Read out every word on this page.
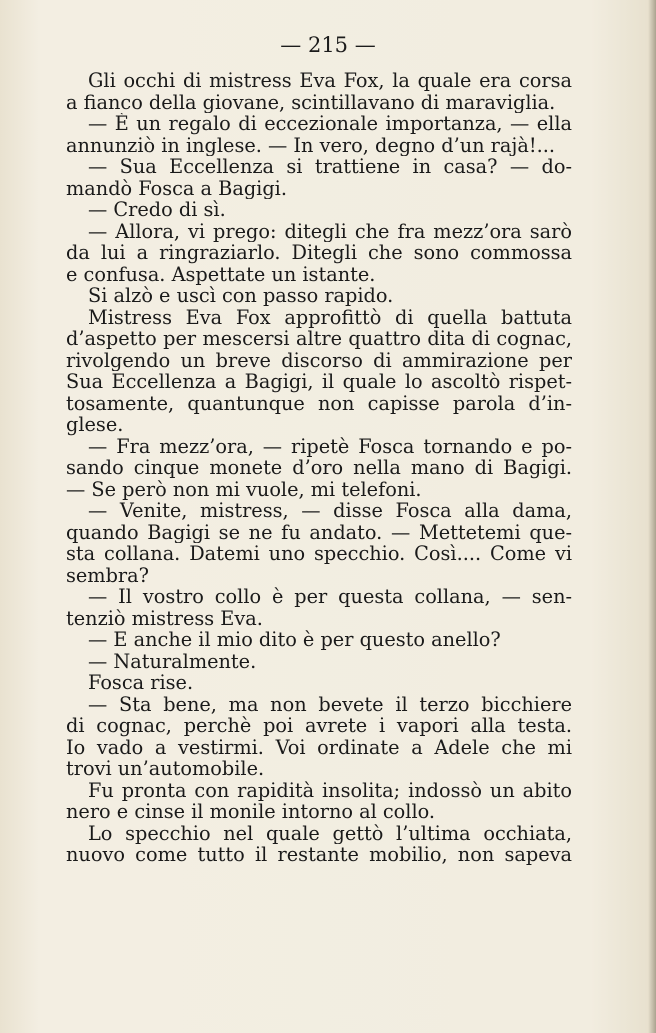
— 215 —
Gli occhi di mistress Eva Fox, la quale era corsa
a fianco della giovane, scintillavano di maraviglia.
— È un regalo di eccezionale importanza, — ella
annunziò in inglese. — In vero, degno d’un rajà!...
— Sua Eccellenza si trattiene in casa? — do-
mandò Fosca a Bagigi.
— Credo di sì.
— Allora, vi prego: ditegli che fra mezz’ora sarò
da lui a ringraziarlo. Ditegli che sono commossa
e confusa. Aspettate un istante.
Si alzò e uscì con passo rapido.
Mistress Eva Fox approfittò di quella battuta
d’aspetto per mescersi altre quattro dita di cognac,
rivolgendo un breve discorso di ammirazione per
Sua Eccellenza a Bagigi, il quale lo ascoltò rispet-
tosamente, quantunque non capisse parola d’in-
glese.
— Fra mezz’ora, — ripetè Fosca tornando e po-
sando cinque monete d’oro nella mano di Bagigi.
— Se però non mi vuole, mi telefoni.
— Venite, mistress, — disse Fosca alla dama,
quando Bagigi se ne fu andato. — Mettetemi que-
sta collana. Datemi uno specchio. Così.... Come vi
sembra?
— Il vostro collo è per questa collana, — sen-
tenziò mistress Eva.
— E anche il mio dito è per questo anello?
— Naturalmente.
Fosca rise.
— Sta bene, ma non bevete il terzo bicchiere
di cognac, perchè poi avrete i vapori alla testa.
Io vado a vestirmi. Voi ordinate a Adele che mi
trovi un’automobile.
Fu pronta con rapidità insolita; indossò un abito
nero e cinse il monile intorno al collo.
Lo specchio nel quale gettò l’ultima occhiata,
nuovo come tutto il restante mobilio, non sapeva
